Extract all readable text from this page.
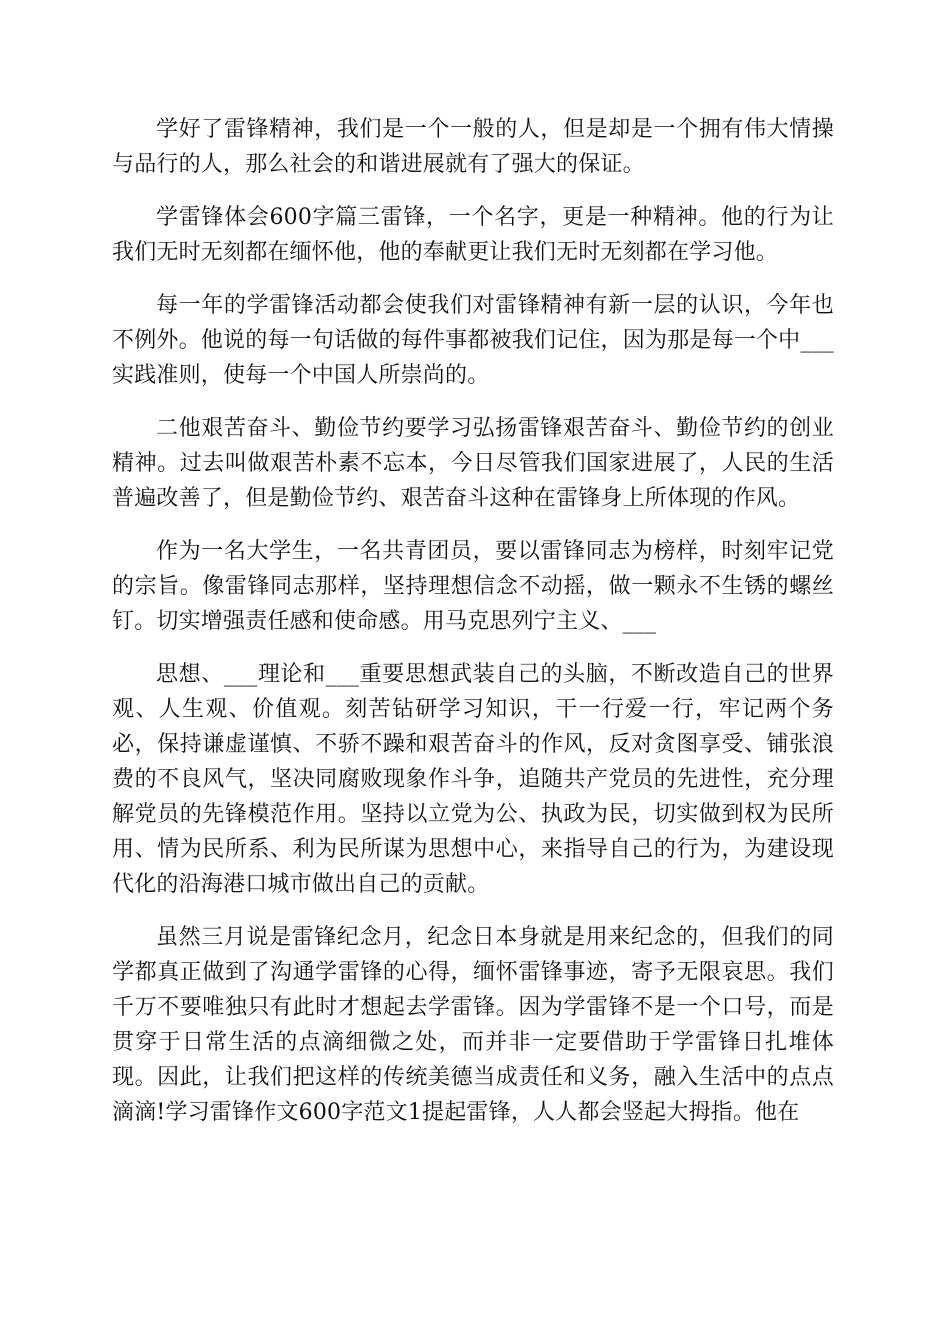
学好了雷锋精神，我们是一个一般的人，但是却是一个拥有伟大情操与品行的人，那么社会的和谐进展就有了强大的保证。

学雷锋体会600字篇三雷锋，一个名字，更是一种精神。他的行为让我们无时无刻都在缅怀他，他的奉献更让我们无时无刻都在学习他。

每一年的学雷锋活动都会使我们对雷锋精神有新一层的认识，今年也不例外。他说的每一句话做的每件事都被我们记住，因为那是每一个中___实践准则，使每一个中国人所崇尚的。

二他艰苦奋斗、勤俭节约要学习弘扬雷锋艰苦奋斗、勤俭节约的创业精神。过去叫做艰苦朴素不忘本，今日尽管我们国家进展了，人民的生活普遍改善了，但是勤俭节约、艰苦奋斗这种在雷锋身上所体现的作风。

作为一名大学生，一名共青团员，要以雷锋同志为榜样，时刻牢记党的宗旨。像雷锋同志那样，坚持理想信念不动摇，做一颗永不生锈的螺丝钉。切实增强责任感和使命感。用马克思列宁主义、___

思想、___理论和___重要思想武装自己的头脑，不断改造自己的世界观、人生观、价值观。刻苦钻研学习知识，干一行爱一行，牢记两个务必，保持谦虚谨慎、不骄不躁和艰苦奋斗的作风，反对贪图享受、铺张浪费的不良风气，坚决同腐败现象作斗争，追随共产党员的先进性，充分理解党员的先锋模范作用。坚持以立党为公、执政为民，切实做到权为民所用、情为民所系、利为民所谋为思想中心，来指导自己的行为，为建设现代化的沿海港口城市做出自己的贡献。

虽然三月说是雷锋纪念月，纪念日本身就是用来纪念的，但我们的同学都真正做到了沟通学雷锋的心得，缅怀雷锋事迹，寄予无限哀思。我们千万不要唯独只有此时才想起去学雷锋。因为学雷锋不是一个口号，而是贯穿于日常生活的点滴细微之处，而并非一定要借助于学雷锋日扎堆体现。因此，让我们把这样的传统美德当成责任和义务，融入生活中的点点滴滴!学习雷锋作文600字范文1提起雷锋，人人都会竖起大拇指。他在
